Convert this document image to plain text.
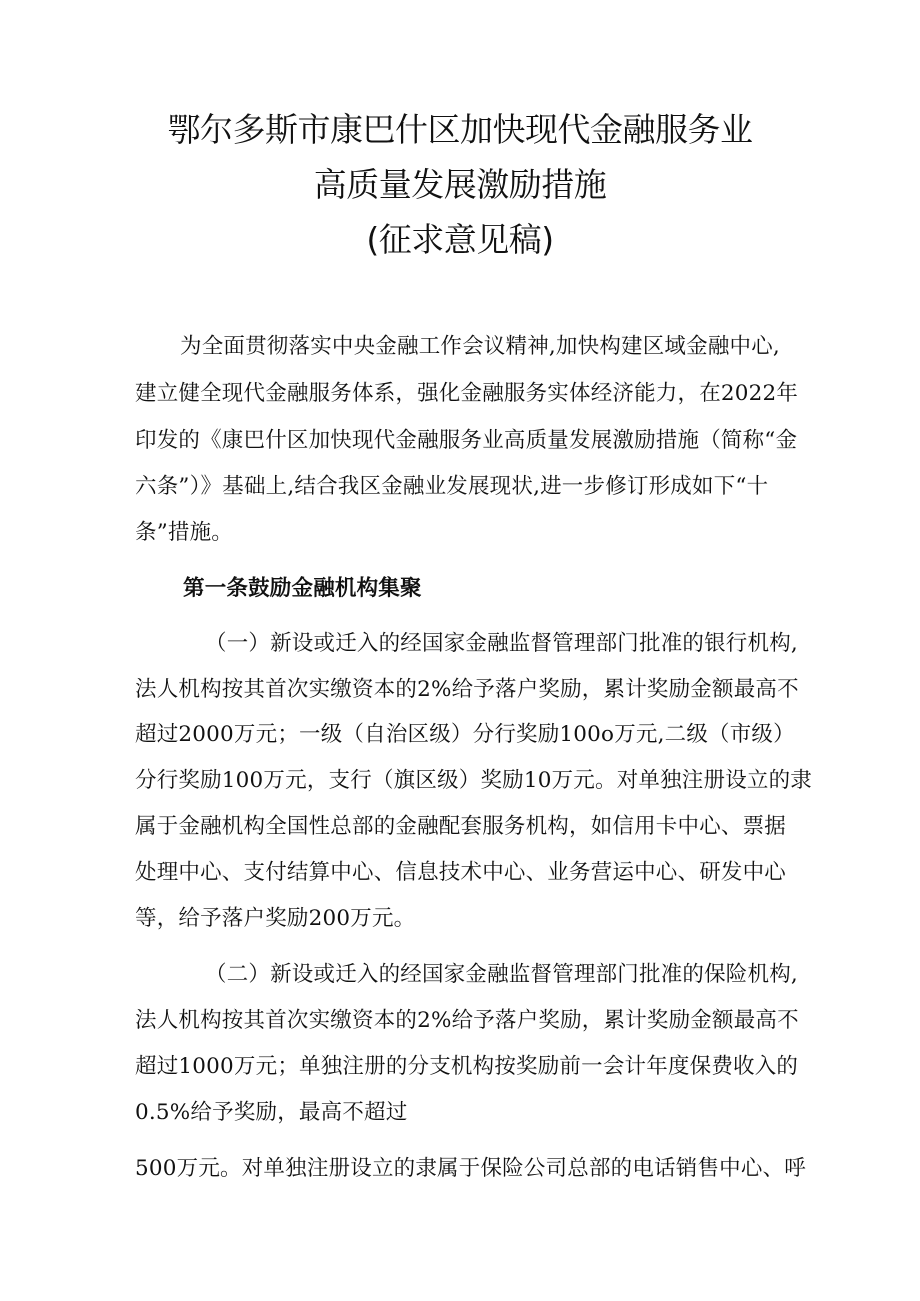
鄂尔多斯市康巴什区加快现代金融服务业
高质量发展激励措施
(征求意见稿)
为全面贯彻落实中央金融工作会议精神,加快构建区域金融中心,
建立健全现代金融服务体系，强化金融服务实体经济能力，在2022年
印发的《康巴什区加快现代金融服务业高质量发展激励措施（简称“金
六条”）》基础上,结合我区金融业发展现状,进一步修订形成如下“十
条”措施。
第一条鼓励金融机构集聚
（一）新设或迁入的经国家金融监督管理部门批准的银行机构,
法人机构按其首次实缴资本的2%给予落户奖励，累计奖励金额最高不
超过2000万元；一级（自治区级）分行奖励100o万元,二级（市级）
分行奖励100万元，支行（旗区级）奖励10万元。对单独注册设立的隶
属于金融机构全国性总部的金融配套服务机构，如信用卡中心、票据
处理中心、支付结算中心、信息技术中心、业务营运中心、研发中心
等，给予落户奖励200万元。
（二）新设或迁入的经国家金融监督管理部门批准的保险机构,
法人机构按其首次实缴资本的2%给予落户奖励，累计奖励金额最高不
超过1000万元；单独注册的分支机构按奖励前一会计年度保费收入的
0.5%给予奖励，最高不超过
500万元。对单独注册设立的隶属于保险公司总部的电话销售中心、呼
